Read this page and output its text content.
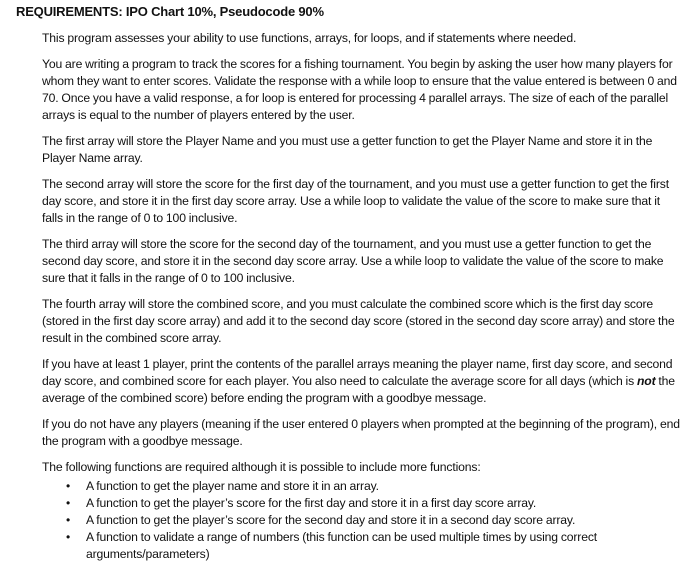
REQUIREMENTS: IPO Chart 10%, Pseudocode 90%

This program assesses your ability to use functions, arrays, for loops, and if statements where needed.

You are writing a program to track the scores for a fishing tournament. You begin by asking the user how many players for whom they want to enter scores. Validate the response with a while loop to ensure that the value entered is between 0 and 70. Once you have a valid response, a for loop is entered for processing 4 parallel arrays. The size of each of the parallel arrays is equal to the number of players entered by the user.

The first array will store the Player Name and you must use a getter function to get the Player Name and store it in the Player Name array.

The second array will store the score for the first day of the tournament, and you must use a getter function to get the first day score, and store it in the first day score array. Use a while loop to validate the value of the score to make sure that it falls in the range of 0 to 100 inclusive.

The third array will store the score for the second day of the tournament, and you must use a getter function to get the second day score, and store it in the second day score array. Use a while loop to validate the value of the score to make sure that it falls in the range of 0 to 100 inclusive.

The fourth array will store the combined score, and you must calculate the combined score which is the first day score (stored in the first day score array) and add it to the second day score (stored in the second day score array) and store the result in the combined score array.

If you have at least 1 player, print the contents of the parallel arrays meaning the player name, first day score, and second day score, and combined score for each player. You also need to calculate the average score for all days (which is not the average of the combined score) before ending the program with a goodbye message.

If you do not have any players (meaning if the user entered 0 players when prompted at the beginning of the program), end the program with a goodbye message.

The following functions are required although it is possible to include more functions:

• A function to get the player name and store it in an array.
• A function to get the player’s score for the first day and store it in a first day score array.
• A function to get the player’s score for the second day and store it in a second day score array.
• A function to validate a range of numbers (this function can be used multiple times by using correct arguments/parameters)
